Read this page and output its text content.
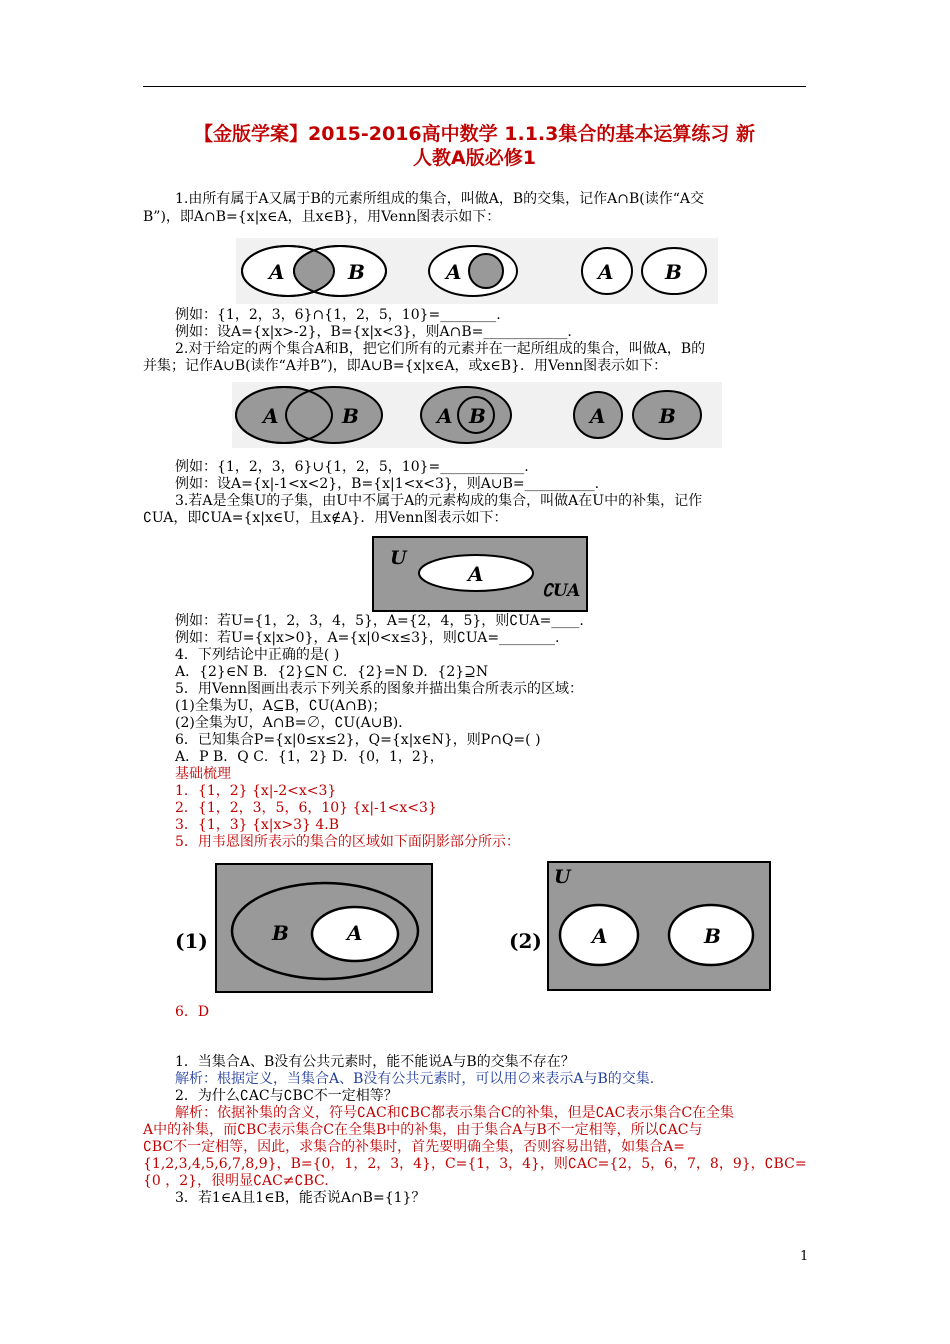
【金版学案】2015-2016高中数学 1.1.3集合的基本运算练习 新
人教A版必修1
1.由所有属于A又属于B的元素所组成的集合，叫做A，B的交集，记作A∩B(读作“A交
B”)，即A∩B={x|x∈A，且x∈B}，用Venn图表示如下：
A	B	A	A	B
例如：{1，2，3，6}∩{1，2，5，10}=________.
例如：设A={x|x>-2}，B={x|x<3}，则A∩B=____________.
2.对于给定的两个集合A和B，把它们所有的元素并在一起所组成的集合，叫做A，B的
并集；记作A∪B(读作“A并B”)，即A∪B={x|x∈A，或x∈B}．用Venn图表示如下：
A	B	A B	A	B
例如：{1，2，3，6}∪{1，2，5，10}=____________.
例如：设A={x|-1<x<2}，B={x|1<x<3}，则A∪B=__________.
3.若A是全集U的子集，由U中不属于A的元素构成的集合，叫做A在U中的补集，记作
∁UA，即∁UA={x|x∈U，且x∉A}．用Venn图表示如下：
U
A
∁UA
例如：若U={1，2，3，4，5}，A={2，4，5}，则∁UA=____.
例如：若U={x|x>0}，A={x|0<x≤3}，则∁UA=________.
4．下列结论中正确的是( )
A．{2}∈N B．{2}⊆N C．{2}=N D．{2}⊇N
5．用Venn图画出表示下列关系的图象并描出集合所表示的区域：
(1)全集为U，A⊆B，∁U(A∩B)；
(2)全集为U，A∩B=∅，∁U(A∪B)．
6．已知集合P={x|0≤x≤2}，Q={x|x∈N}，则P∩Q=( )
A．P B．Q C．{1，2} D．{0，1，2}，
基础梳理
1．{1，2} {x|-2<x<3}
2．{1，2，3，5，6，10} {x|-1<x<3}
3．{1，3} {x|x>3} 4.B
5．用韦恩图所表示的集合的区域如下面阴影部分所示：
(1)	B	A	(2)
U
A	B
6．D
1．当集合A、B没有公共元素时，能不能说A与B的交集不存在？
解析：根据定义，当集合A、B没有公共元素时，可以用∅来表示A与B的交集.
2．为什么∁AC与∁BC不一定相等？
解析：依据补集的含义，符号∁AC和∁BC都表示集合C的补集，但是∁AC表示集合C在全集
A中的补集，而∁BC表示集合C在全集B中的补集，由于集合A与B不一定相等，所以∁AC与
∁BC不一定相等，因此，求集合的补集时，首先要明确全集，否则容易出错，如集合A=
{1,2,3,4,5,6,7,8,9}，B={0，1，2，3，4}，C={1，3，4}，则∁AC={2，5，6，7，8，9}，∁BC=
{0 ，2}，很明显∁AC≠∁BC.
3．若1∈A且1∈B，能否说A∩B={1}？
1
